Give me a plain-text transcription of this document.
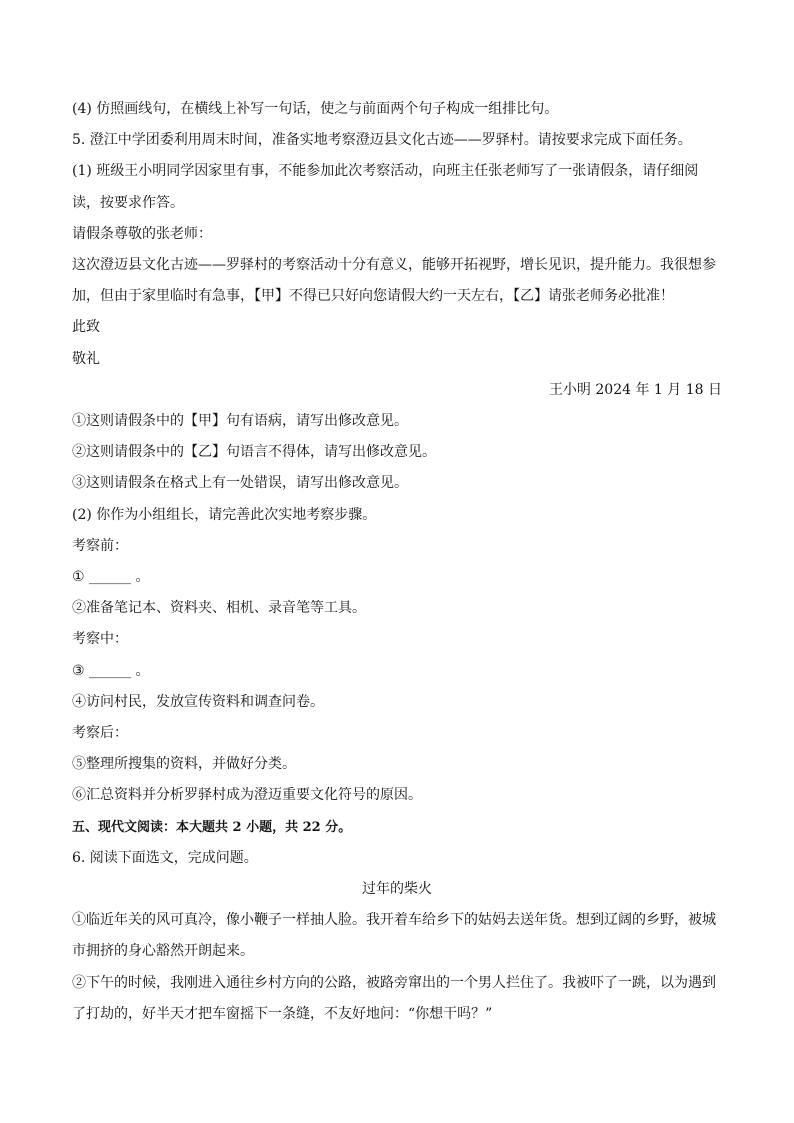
(4) 仿照画线句，在横线上补写一句话，使之与前面两个句子构成一组排比句。
5. 澄江中学团委利用周末时间，准备实地考察澄迈县文化古迹——罗驿村。请按要求完成下面任务。
(1) 班级王小明同学因家里有事，不能参加此次考察活动，向班主任张老师写了一张请假条，请仔细阅
读，按要求作答。
请假条尊敬的张老师：
这次澄迈县文化古迹——罗驿村的考察活动十分有意义，能够开拓视野，增长见识，提升能力。我很想参
加，但由于家里临时有急事，【甲】不得已只好向您请假大约一天左右，【乙】请张老师务必批准！
此致
敬礼
王小明 2024 年 1 月 18 日
①这则请假条中的【甲】句有语病，请写出修改意见。
②这则请假条中的【乙】句语言不得体，请写出修改意见。
③这则请假条在格式上有一处错误，请写出修改意见。
(2) 你作为小组组长，请完善此次实地考察步骤。
考察前：
① ______ 。
②准备笔记本、资料夹、相机、录音笔等工具。
考察中：
③ ______ 。
④访问村民，发放宣传资料和调查问卷。
考察后：
⑤整理所搜集的资料，并做好分类。
⑥汇总资料并分析罗驿村成为澄迈重要文化符号的原因。
五、现代文阅读：本大题共 2 小题，共 22 分。
6. 阅读下面选文，完成问题。
过年的柴火
①临近年关的风可真冷，像小鞭子一样抽人脸。我开着车给乡下的姑妈去送年货。想到辽阔的乡野，被城
市拥挤的身心豁然开朗起来。
②下午的时候，我刚进入通往乡村方向的公路，被路旁窜出的一个男人拦住了。我被吓了一跳，以为遇到
了打劫的，好半天才把车窗摇下一条缝，不友好地问：“你想干吗？”
